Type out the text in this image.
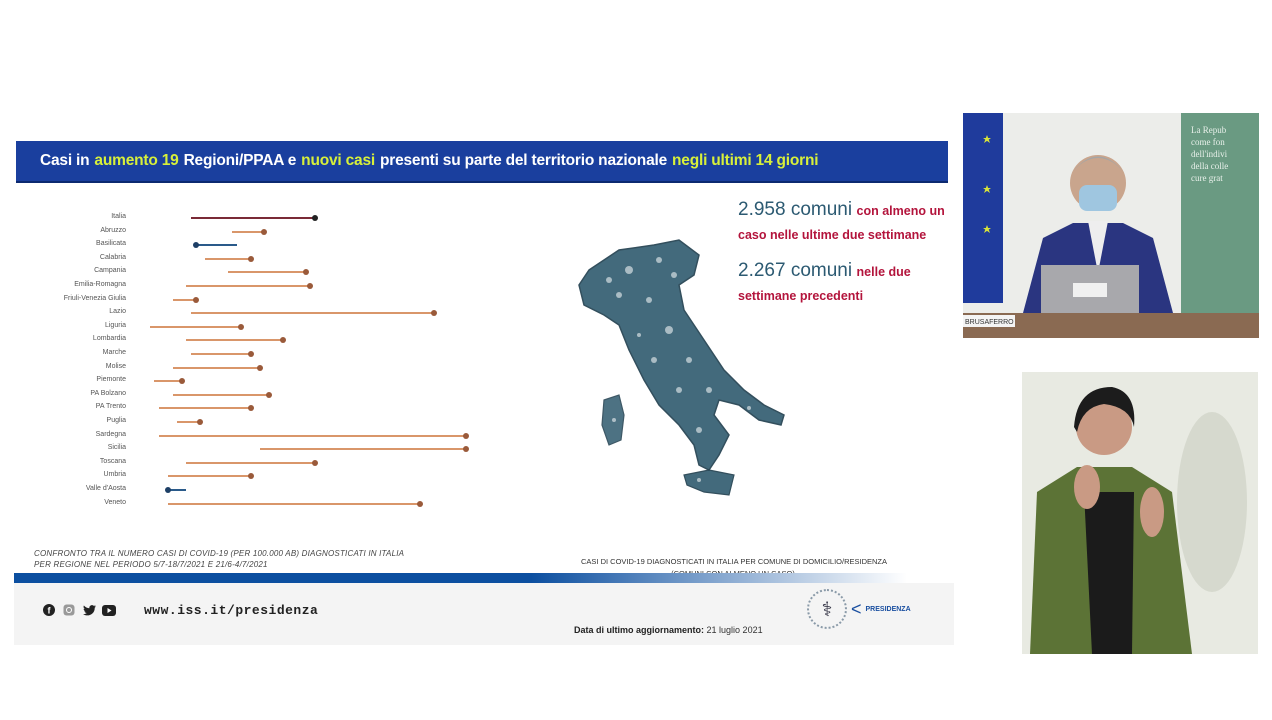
Casi in aumento 19 Regioni/PPAA e nuovi casi presenti su parte del territorio nazionale negli ultimi 14 giorni
Italia
Abruzzo
Basilicata
Calabria
Campania
Emilia-Romagna
Friuli-Venezia Giulia
Lazio
Liguria
Lombardia
Marche
Molise
Piemonte
PA Bolzano
PA Trento
Puglia
Sardegna
Sicilia
Toscana
Umbria
Valle d'Aosta
Veneto
CONFRONTO TRA IL NUMERO CASI DI COVID-19 (PER 100.000 AB) DIAGNOSTICATI IN ITALIA
PER REGIONE NEL PERIODO 5/7-18/7/2021 E 21/6-4/7/2021
2.958 comuni con almeno un caso nelle ultime due settimane
2.267 comuni nelle due settimane precedenti
CASI DI COVID-19 DIAGNOSTICATI IN ITALIA PER COMUNE DI DOMICILIO/RESIDENZA
f	www.iss.it/presidenza
Data di ultimo aggiornamento: 21 luglio 2021
⚕	< PRESIDENZA
La Repub
come fon
dell'indivi
della colle
cure grat
BRUSAFERRO
